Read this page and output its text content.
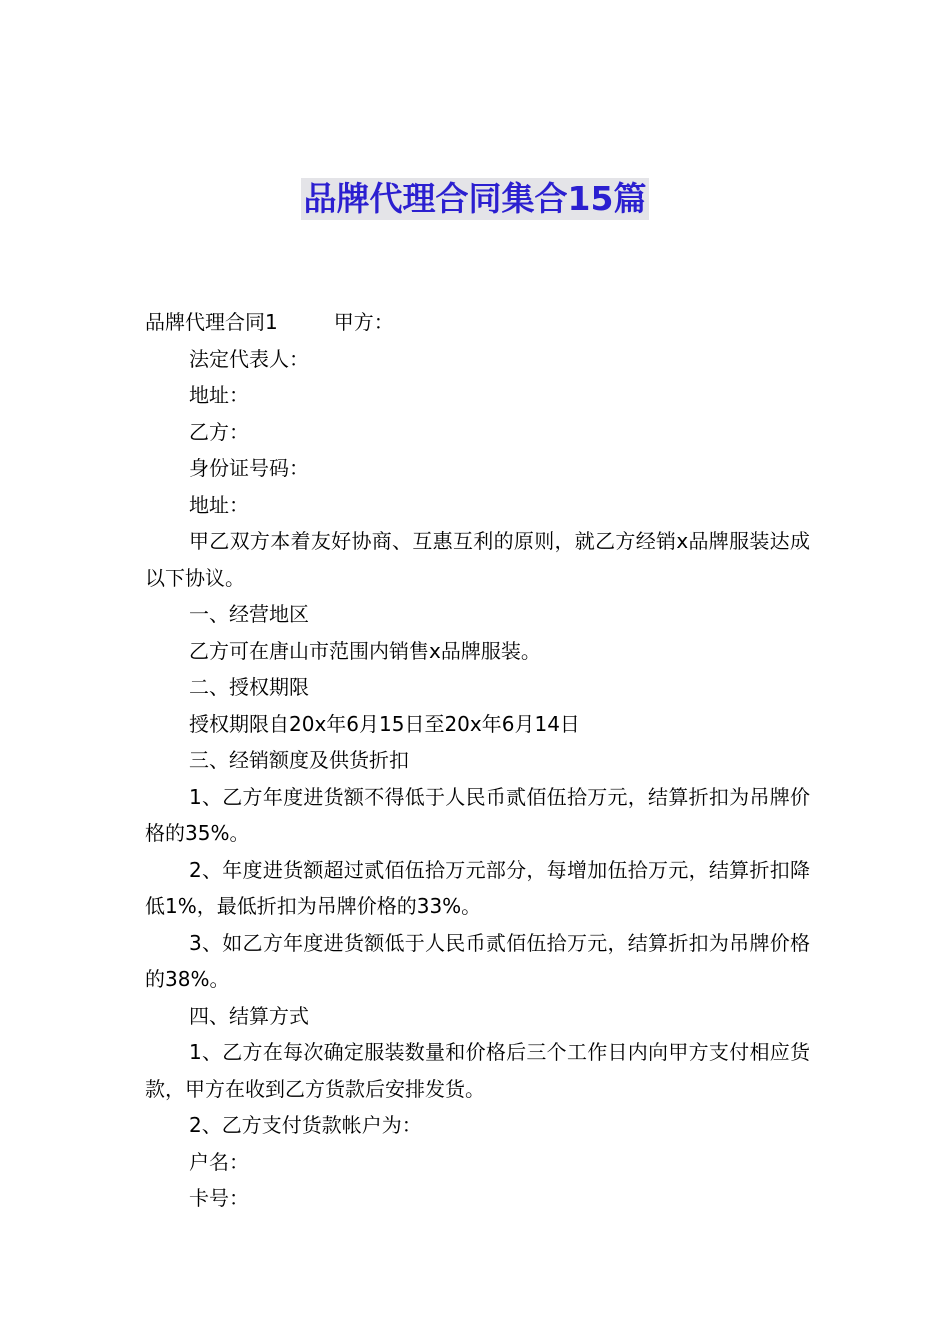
品牌代理合同集合15篇

品牌代理合同1	甲方：

法定代表人：

地址：

乙方：

身份证号码：

地址：

甲乙双方本着友好协商、互惠互利的原则，就乙方经销x品牌服装达成以下协议。

一、经营地区

乙方可在唐山市范围内销售x品牌服装。

二、授权期限

授权期限自20x年6月15日至20x年6月14日

三、经销额度及供货折扣

1、乙方年度进货额不得低于人民币贰佰伍拾万元，结算折扣为吊牌价格的35%。

2、年度进货额超过贰佰伍拾万元部分，每增加伍拾万元，结算折扣降低1%，最低折扣为吊牌价格的33%。

3、如乙方年度进货额低于人民币贰佰伍拾万元，结算折扣为吊牌价格的38%。

四、结算方式

1、乙方在每次确定服装数量和价格后三个工作日内向甲方支付相应货款，甲方在收到乙方货款后安排发货。

2、乙方支付货款帐户为：

户名：

卡号：
